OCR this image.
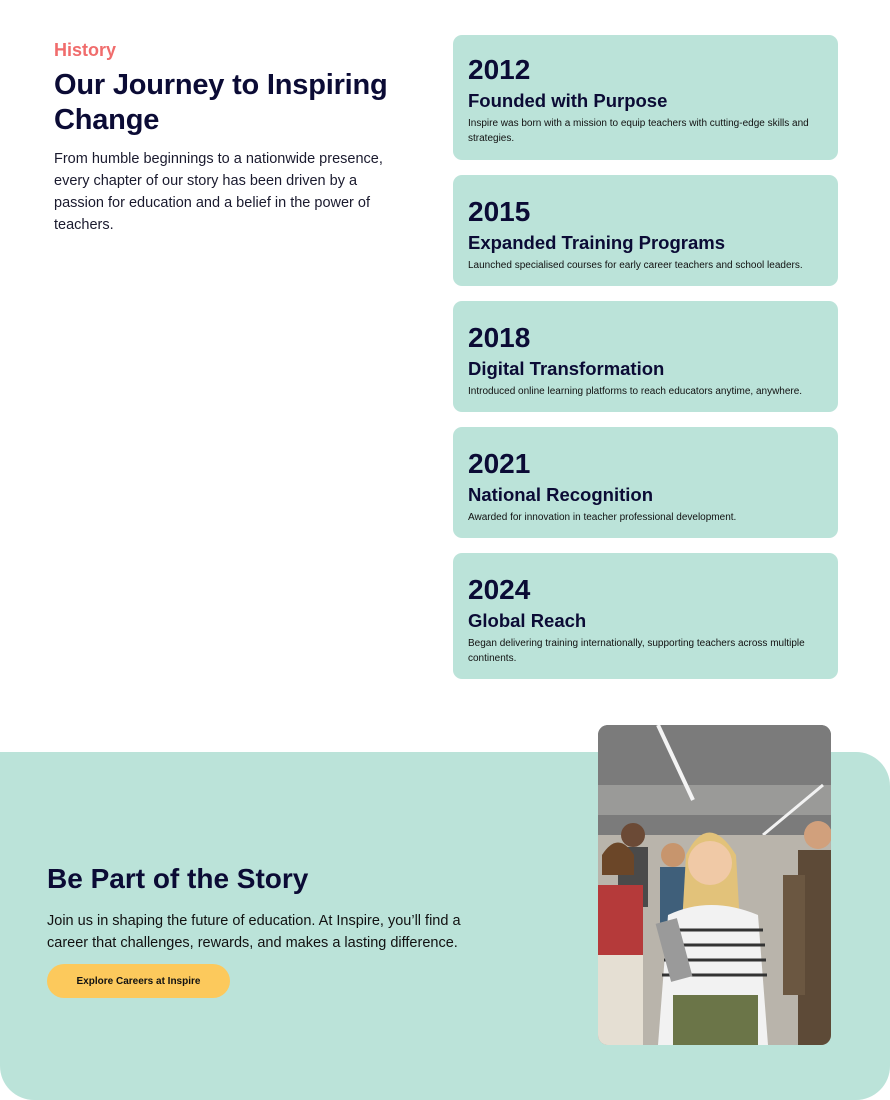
History
Our Journey to Inspiring Change

From humble beginnings to a nationwide presence, every chapter of our story has been driven by a passion for education and a belief in the power of teachers.

2012
Founded with Purpose
Inspire was born with a mission to equip teachers with cutting-edge skills and strategies.
2015
Expanded Training Programs
Launched specialised courses for early career teachers and school leaders.
2018
Digital Transformation
Introduced online learning platforms to reach educators anytime, anywhere.
2021
National Recognition
Awarded for innovation in teacher professional development.
2024
Global Reach
Began delivering training internationally, supporting teachers across multiple continents.
Be Part of the Story

Join us in shaping the future of education. At Inspire, you’ll find a career that challenges, rewards, and makes a lasting difference.

Explore Careers at Inspire
